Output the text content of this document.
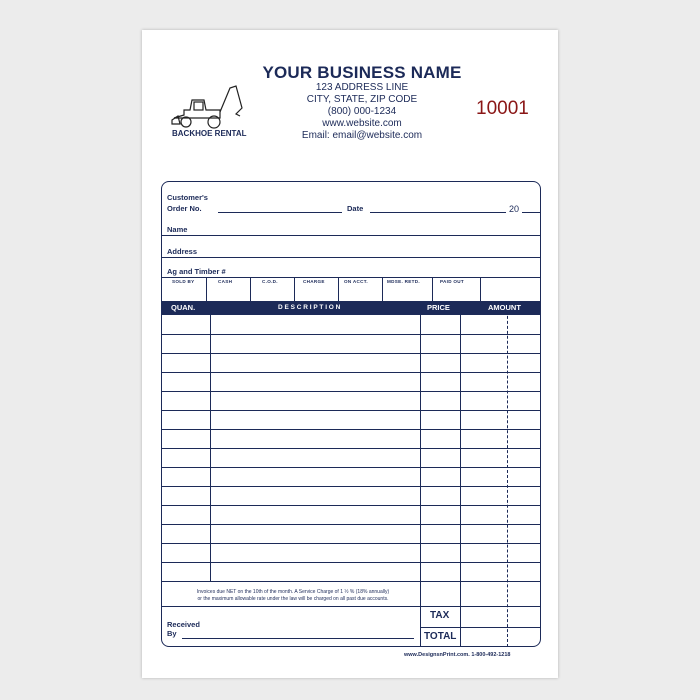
YOUR BUSINESS NAME
123 ADDRESS LINE
CITY, STATE, ZIP CODE
(800) 000-1234
www.website.com
Email: email@website.com
10001
BACKHOE RENTAL
Customer's
Order No.	Date	20
Name
Address
Ag and Timber #
SOLD BY	CASH	C.O.D.	CHARGE	ON ACCT.	MDSE. RETD.	PAID OUT
QUAN.	D E S C R I P T I O N	PRICE	AMOUNT
Invoices due NET on the 10th of the month. A Service Charge of 1 ½ % (18% annually)
or the maximum allowable rate under the law will be charged on all past due accounts.
TAX
TOTAL
Received
By
www.DesignsnPrint.com. 1-800-492-1218
